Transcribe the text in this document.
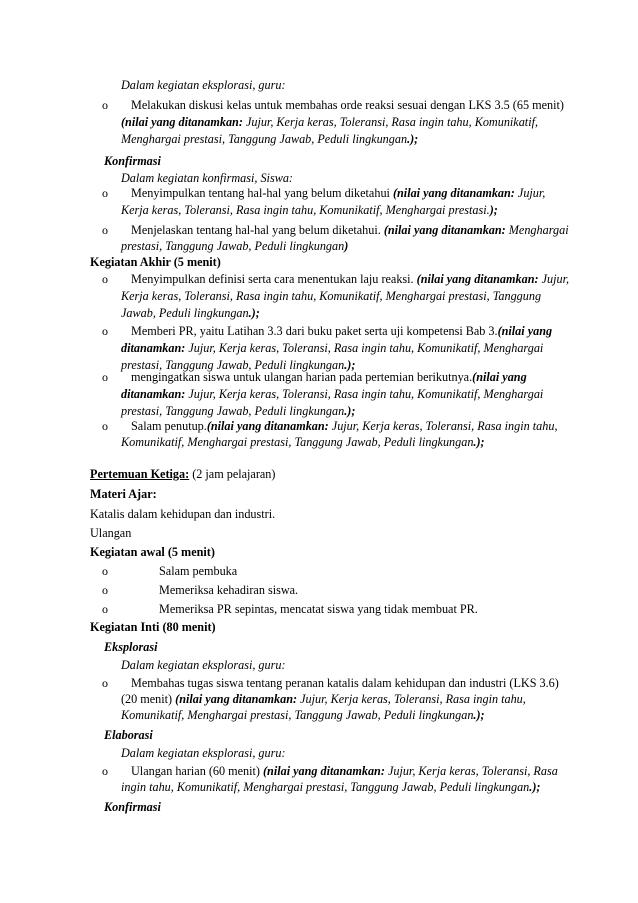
Dalam kegiatan eksplorasi, guru:
o Melakukan diskusi kelas untuk membahas orde reaksi sesuai dengan LKS 3.5 (65 menit)
(nilai yang ditanamkan: Jujur, Kerja keras, Toleransi, Rasa ingin tahu, Komunikatif,
Menghargai prestasi, Tanggung Jawab, Peduli lingkungan.);
Konfirmasi
Dalam kegiatan konfirmasi, Siswa:
o Menyimpulkan tentang hal-hal yang belum diketahui (nilai yang ditanamkan: Jujur,
Kerja keras, Toleransi, Rasa ingin tahu, Komunikatif, Menghargai prestasi.);
o Menjelaskan tentang hal-hal yang belum diketahui. (nilai yang ditanamkan: Menghargai
prestasi, Tanggung Jawab, Peduli lingkungan)
Kegiatan Akhir (5 menit)
o Menyimpulkan definisi serta cara menentukan laju reaksi. (nilai yang ditanamkan: Jujur,
Kerja keras, Toleransi, Rasa ingin tahu, Komunikatif, Menghargai prestasi, Tanggung
Jawab, Peduli lingkungan.);
o Memberi PR, yaitu Latihan 3.3 dari buku paket serta uji kompetensi Bab 3.(nilai yang
ditanamkan: Jujur, Kerja keras, Toleransi, Rasa ingin tahu, Komunikatif, Menghargai
prestasi, Tanggung Jawab, Peduli lingkungan.);
o mengingatkan siswa untuk ulangan harian pada pertemian berikutnya.(nilai yang
ditanamkan: Jujur, Kerja keras, Toleransi, Rasa ingin tahu, Komunikatif, Menghargai
prestasi, Tanggung Jawab, Peduli lingkungan.);
o Salam penutup.(nilai yang ditanamkan: Jujur, Kerja keras, Toleransi, Rasa ingin tahu,
Komunikatif, Menghargai prestasi, Tanggung Jawab, Peduli lingkungan.);
Pertemuan Ketiga: (2 jam pelajaran)
Materi Ajar:
Katalis dalam kehidupan dan industri.
Ulangan
Kegiatan awal (5 menit)
o	Salam pembuka
o	Memeriksa kehadiran siswa.
o	Memeriksa PR sepintas, mencatat siswa yang tidak membuat PR.
Kegiatan Inti (80 menit)
Eksplorasi
Dalam kegiatan eksplorasi, guru:
o Membahas tugas siswa tentang peranan katalis dalam kehidupan dan industri (LKS 3.6)
(20 menit) (nilai yang ditanamkan: Jujur, Kerja keras, Toleransi, Rasa ingin tahu,
Komunikatif, Menghargai prestasi, Tanggung Jawab, Peduli lingkungan.);
Elaborasi
Dalam kegiatan eksplorasi, guru:
o Ulangan harian (60 menit) (nilai yang ditanamkan: Jujur, Kerja keras, Toleransi, Rasa
ingin tahu, Komunikatif, Menghargai prestasi, Tanggung Jawab, Peduli lingkungan.);
Konfirmasi
